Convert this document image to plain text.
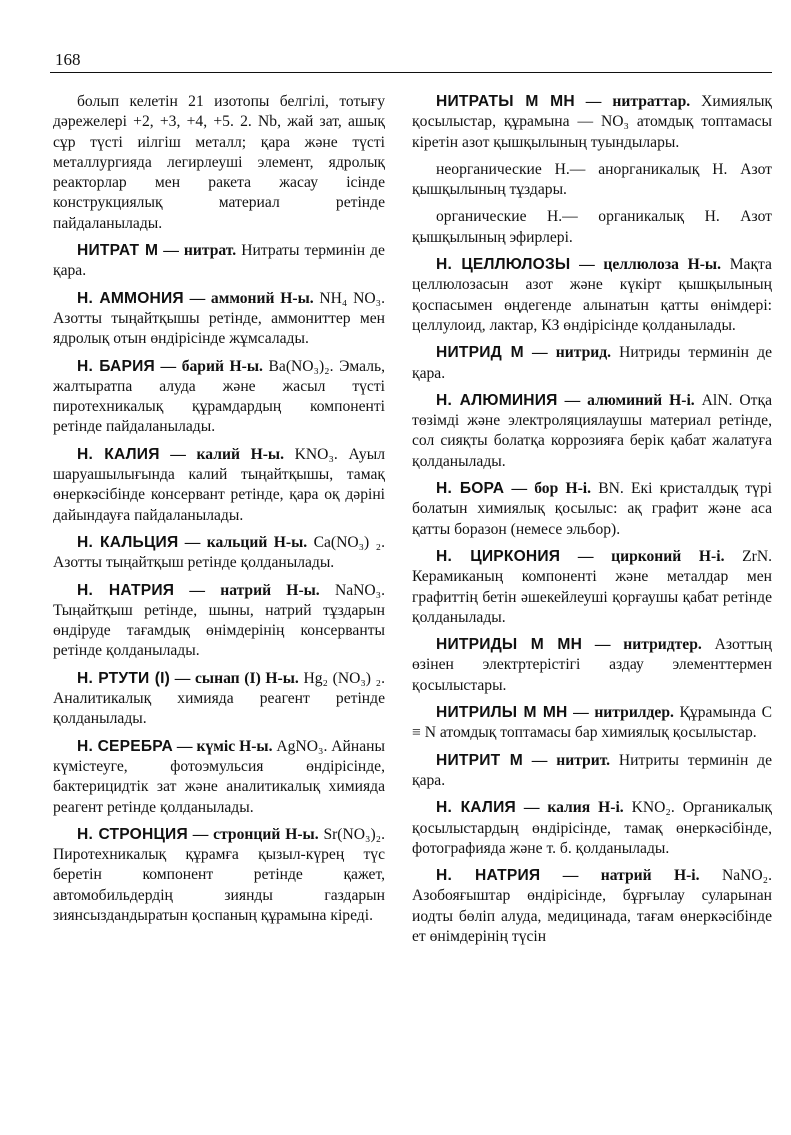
168

болып келетін 21 изотопы белгілі, тотығу дәрежелері +2, +3, +4, +5. 2. Nb, жай зат, ашық сұр түсті иілгіш металл; қара және түсті металлургияда легирлеуші элемент, ядролық реакторлар мен ракета жасау ісінде конструкциялық материал ретінде пайдаланылады.

НИТРАТ М — нитрат. Нитраты терминін де қара.

Н. АММОНИЯ — аммоний Н-ы. NH₄ NO₃. Азотты тыңайтқышы ретінде, аммониттер мен ядролық отын өндірісінде жұмсалады.

Н. БАРИЯ — барий Н-ы. Ba(NO₃)₂. Эмаль, жалтыратпа алуда және жасыл түсті пиротехникалық құрамдардың компоненті ретінде пайдаланылады.

Н. КАЛИЯ — калий Н-ы. KNO₃. Ауыл шаруашылығында калий тыңайтқышы, тамақ өнеркәсібінде консервант ретінде, қара оқ дәріні дайындауға пайдаланылады.

Н. КАЛЬЦИЯ — кальций Н-ы. Ca(NO₃) ₂. Азотты тыңайтқыш ретінде қолданылады.

Н. НАТРИЯ — натрий Н-ы. NaNO₃. Тыңайтқыш ретінде, шыны, натрий тұздарын өндіруде тағамдық өнімдерінің консерванты ретінде қолданылады.

Н. РТУТИ (I) — сынап (I) Н-ы. Hg₂ (NO₃) ₂. Аналитикалық химияда реагент ретінде қолданылады.

Н. СЕРЕБРА — күміс Н-ы. AgNO₃. Айнаны күмістеуге, фотоэмульсия өндірісінде, бактерицидтік зат және аналитикалық химияда реагент ретінде қолданылады.

Н. СТРОНЦИЯ — стронций Н-ы. Sr(NO₃)₂. Пиротехникалық құрамға қызыл-күрең түс беретін компонент ретінде қажет, автомобильдердің зиянды газдарын зиянсыздандыратын қоспаның құрамына кіреді.

НИТРАТЫ М МН — нитраттар. Химиялық қосылыстар, құрамына — NO₃ атомдық топтамасы кіретін азот қышқылының туындылары.

неорганические Н.— анорганикалық Н. Азот қышқылының тұздары.

органические Н.— органикалық Н. Азот қышқылының эфирлері.

Н. ЦЕЛЛЮЛОЗЫ — целлюлоза Н-ы. Мақта целлюлозасын азот және күкірт қышқылының қоспасымен өңдегенде алынатын қатты өнімдері: целлулоид, лактар, КЗ өндірісінде қолданылады.

НИТРИД М — нитрид. Нитриды терминін де қара.

Н. АЛЮМИНИЯ — алюминий Н-і. AlN. Отқа төзімді және электроляциялаушы материал ретінде, сол сияқты болатқа коррозияға берік қабат жалатуға қолданылады.

Н. БОРА — бор Н-і. BN. Екі кристалдық түрі болатын химиялық қосылыс: ақ графит және аса қатты боразон (немесе эльбор).

Н. ЦИРКОНИЯ — цирконий Н-і. ZrN. Керамиканың компоненті және металдар мен графиттің бетін әшекейлеуші қорғаушы қабат ретінде қолданылады.

НИТРИДЫ М МН — нитридтер. Азоттың өзінен электртерістігі аздау элементтермен қосылыстары.

НИТРИЛЫ М МН — нитрилдер. Құрамында C ≡ N атомдық топтамасы бар химиялық қосылыстар.

НИТРИТ М — нитрит. Нитриты терминін де қара.

Н. КАЛИЯ — калия Н-і. KNO₂. Органикалық қосылыстардың өндірісінде, тамақ өнеркәсібінде, фотографияда және т. б. қолданылады.

Н. НАТРИЯ — натрий Н-і. NaNO₂. Азобояғыштар өндірісінде, бұрғылау суларынан иодты бөліп алуда, медицинада, тағам өнеркәсібінде ет өнімдерінің түсін
